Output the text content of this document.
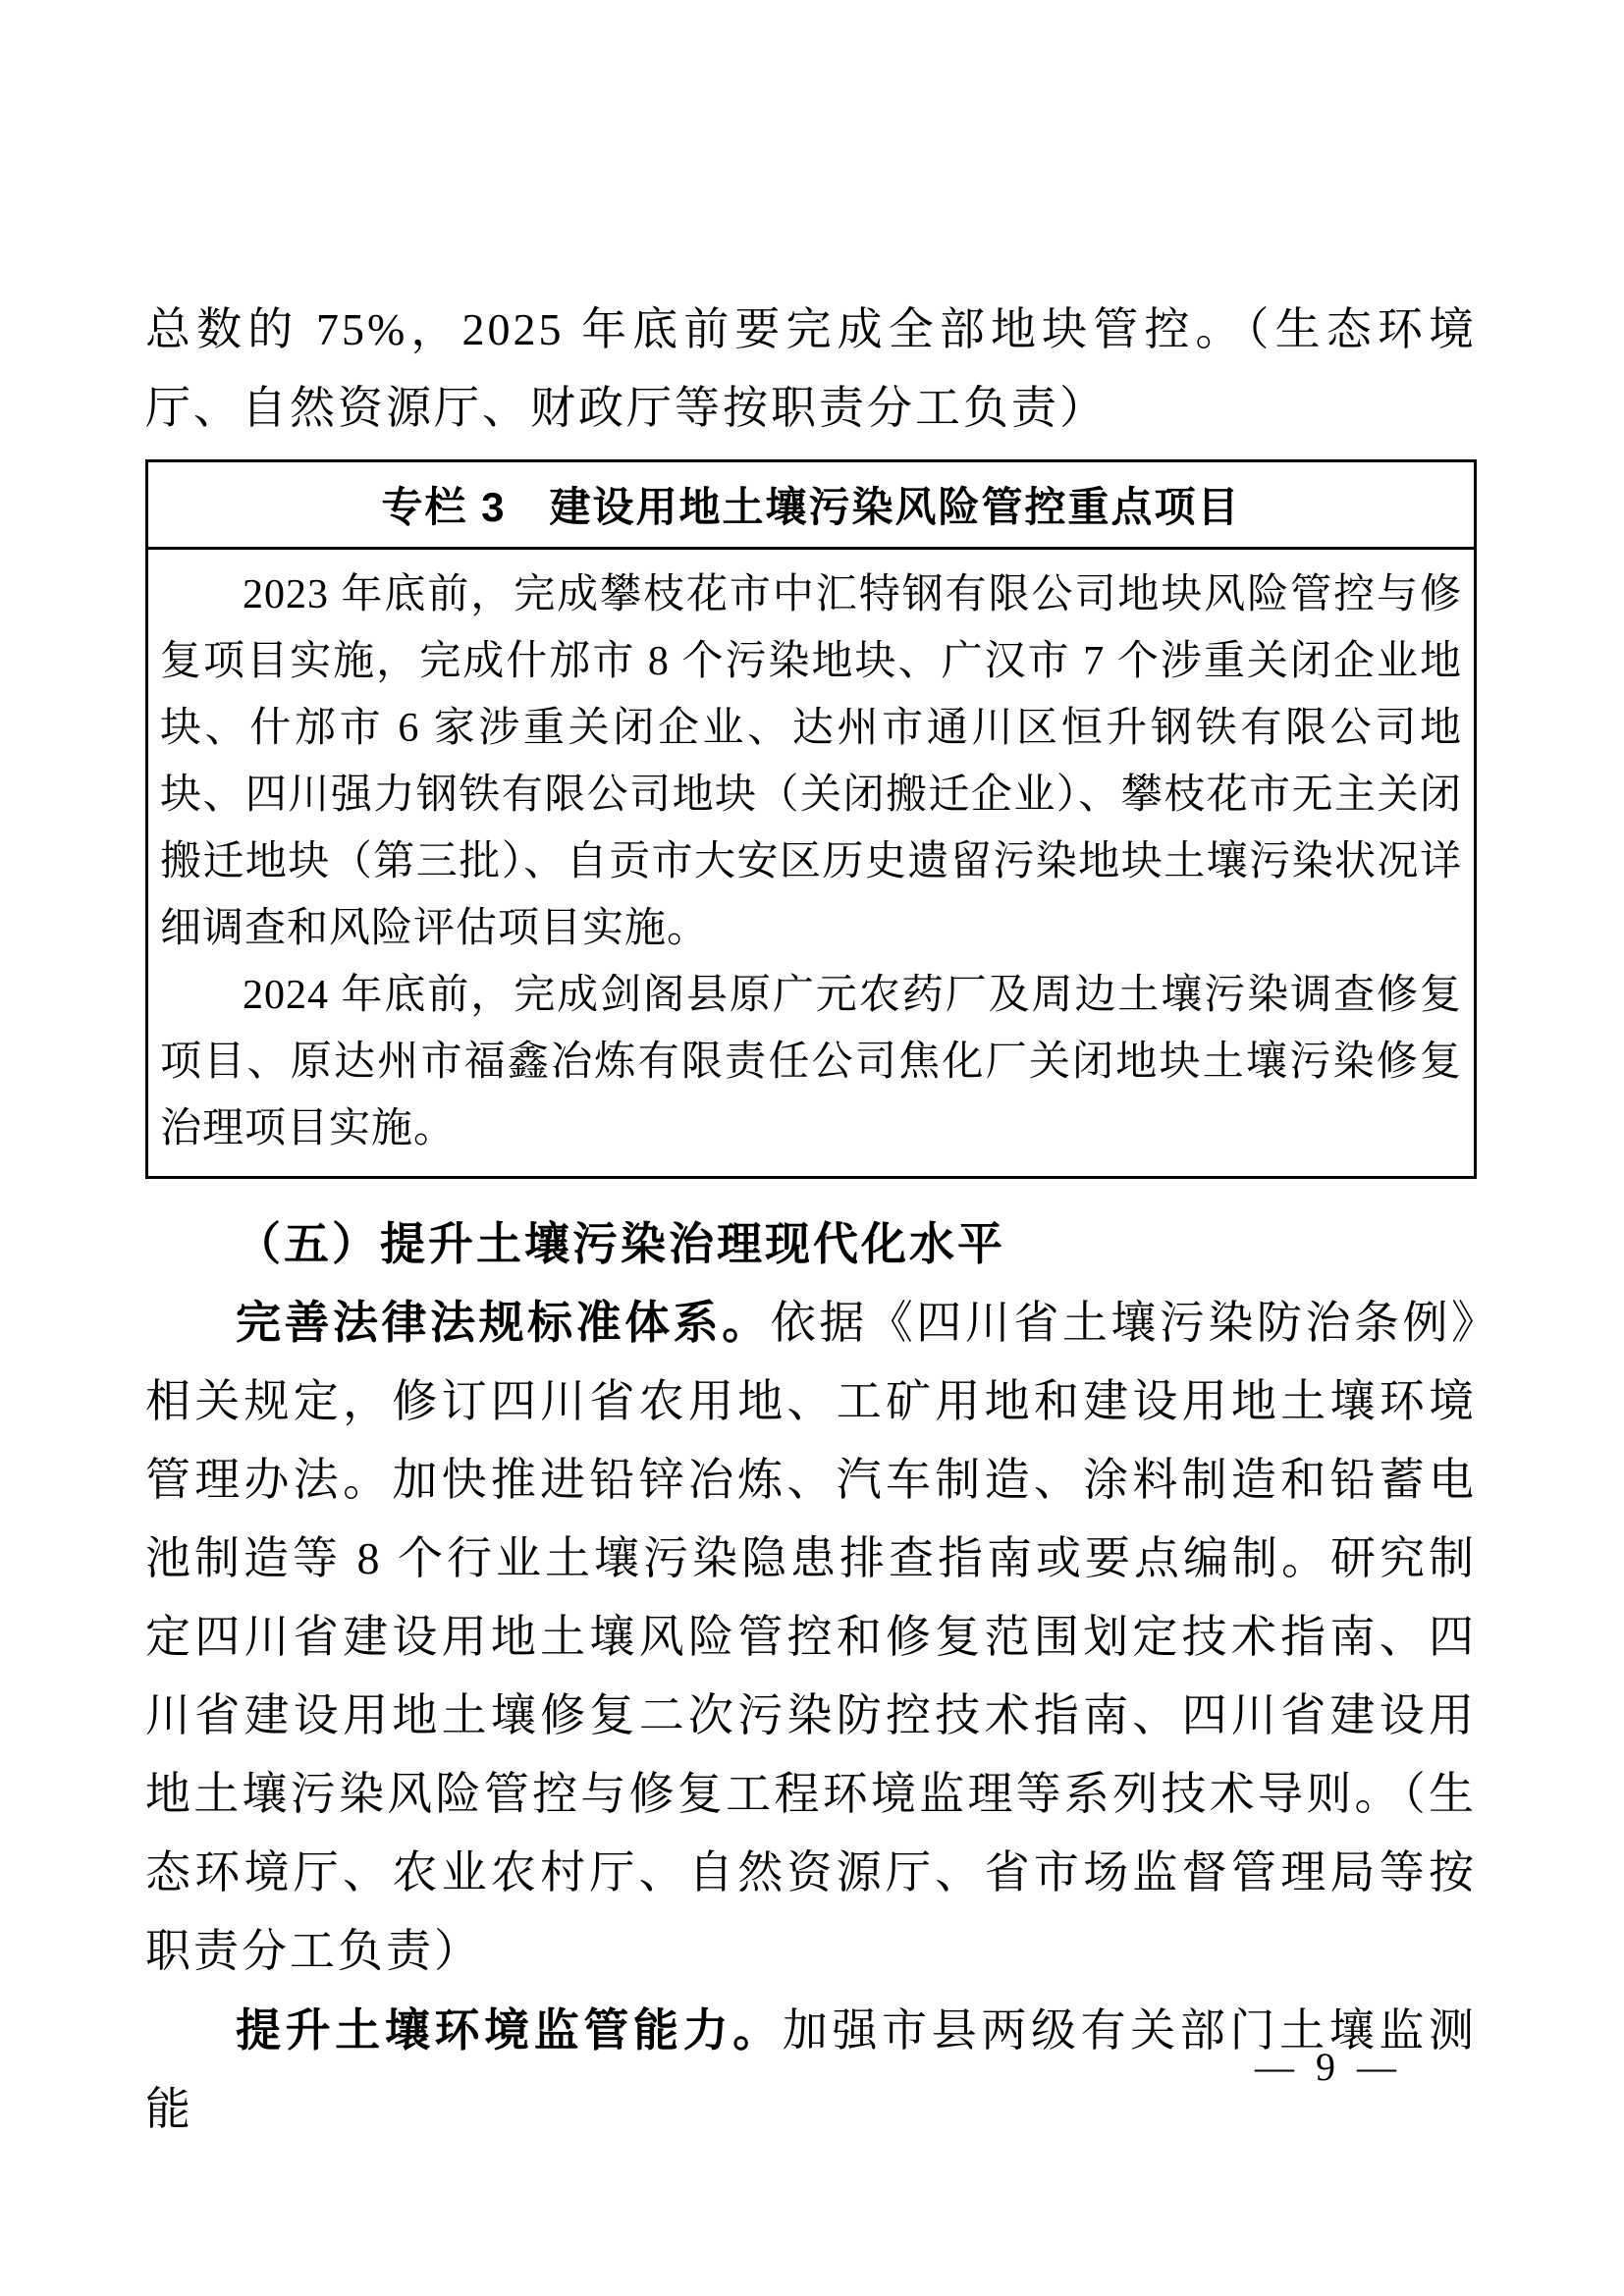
总数的 75%，2025 年底前要完成全部地块管控。（生态环境厅、自然资源厅、财政厅等按职责分工负责）

专栏 3　建设用地土壤污染风险管控重点项目

2023 年底前，完成攀枝花市中汇特钢有限公司地块风险管控与修复项目实施，完成什邡市 8 个污染地块、广汉市 7 个涉重关闭企业地块、什邡市 6 家涉重关闭企业、达州市通川区恒升钢铁有限公司地块、四川强力钢铁有限公司地块（关闭搬迁企业）、攀枝花市无主关闭搬迁地块（第三批）、自贡市大安区历史遗留污染地块土壤污染状况详细调查和风险评估项目实施。

2024 年底前，完成剑阁县原广元农药厂及周边土壤污染调查修复项目、原达州市福鑫冶炼有限责任公司焦化厂关闭地块土壤污染修复治理项目实施。

（五）提升土壤污染治理现代化水平

完善法律法规标准体系。依据《四川省土壤污染防治条例》相关规定，修订四川省农用地、工矿用地和建设用地土壤环境管理办法。加快推进铅锌冶炼、汽车制造、涂料制造和铅蓄电池制造等 8 个行业土壤污染隐患排查指南或要点编制。研究制定四川省建设用地土壤风险管控和修复范围划定技术指南、四川省建设用地土壤修复二次污染防控技术指南、四川省建设用地土壤污染风险管控与修复工程环境监理等系列技术导则。（生态环境厅、农业农村厅、自然资源厅、省市场监督管理局等按职责分工负责）

提升土壤环境监管能力。加强市县两级有关部门土壤监测能

— 9 —
